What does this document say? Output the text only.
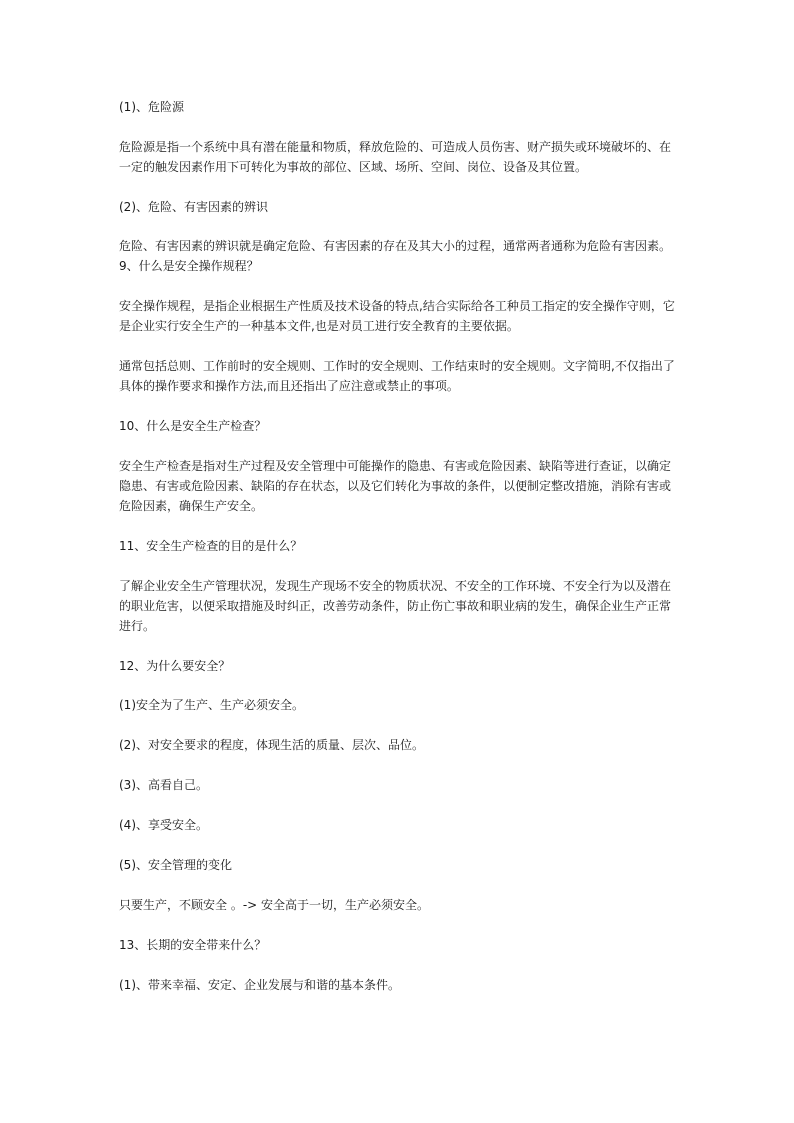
(1)、危险源

危险源是指一个系统中具有潜在能量和物质，释放危险的、可造成人员伤害、财产损失或环境破坏的、在一定的触发因素作用下可转化为事故的部位、区域、场所、空间、岗位、设备及其位置。

(2)、危险、有害因素的辨识

危险、有害因素的辨识就是确定危险、有害因素的存在及其大小的过程，通常两者通称为危险有害因素。9、什么是安全操作规程？

安全操作规程，是指企业根据生产性质及技术设备的特点,结合实际给各工种员工指定的安全操作守则，它是企业实行安全生产的一种基本文件,也是对员工进行安全教育的主要依据。

通常包括总则、工作前时的安全规则、工作时的安全规则、工作结束时的安全规则。文字简明,不仅指出了具体的操作要求和操作方法,而且还指出了应注意或禁止的事项。

10、什么是安全生产检查？

安全生产检查是指对生产过程及安全管理中可能操作的隐患、有害或危险因素、缺陷等进行查证，以确定隐患、有害或危险因素、缺陷的存在状态，以及它们转化为事故的条件，以便制定整改措施，消除有害或危险因素，确保生产安全。

11、安全生产检查的目的是什么？

了解企业安全生产管理状况，发现生产现场不安全的物质状况、不安全的工作环境、不安全行为以及潜在的职业危害，以便采取措施及时纠正，改善劳动条件，防止伤亡事故和职业病的发生，确保企业生产正常进行。

12、为什么要安全？

(1)安全为了生产、生产必须安全。

(2)、对安全要求的程度，体现生活的质量、层次、品位。

(3)、高看自己。

(4)、享受安全。

(5)、安全管理的变化

只要生产，不顾安全 。-> 安全高于一切，生产必须安全。

13、长期的安全带来什么？

(1)、带来幸福、安定、企业发展与和谐的基本条件。
